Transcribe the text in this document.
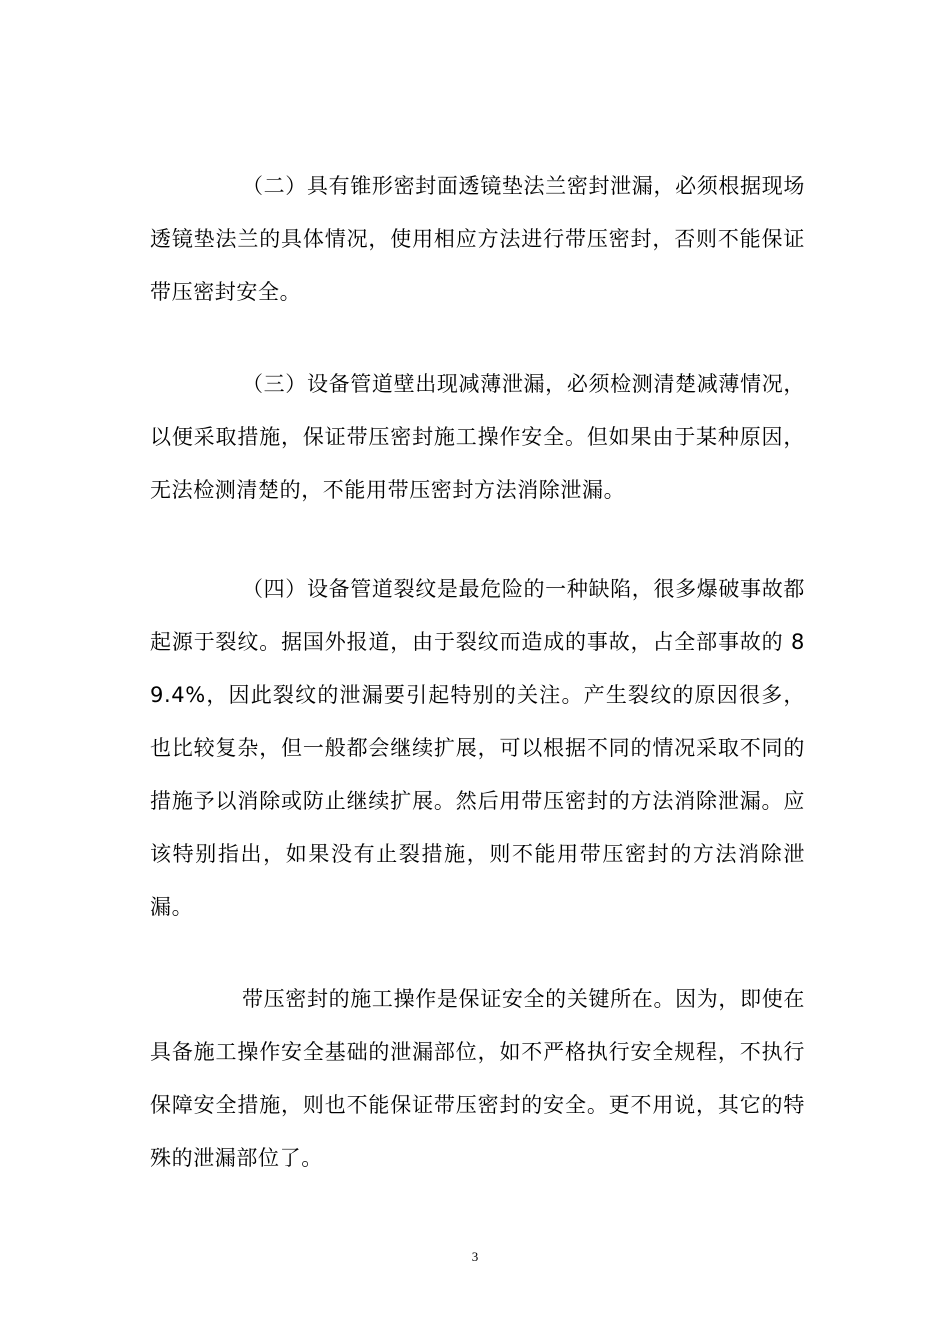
（二）具有锥形密封面透镜垫法兰密封泄漏，必须根据现场透镜垫法兰的具体情况，使用相应方法进行带压密封，否则不能保证带压密封安全。

（三）设备管道壁出现减薄泄漏，必须检测清楚减薄情况，以便采取措施，保证带压密封施工操作安全。但如果由于某种原因，无法检测清楚的，不能用带压密封方法消除泄漏。

（四）设备管道裂纹是最危险的一种缺陷，很多爆破事故都起源于裂纹。据国外报道，由于裂纹而造成的事故，占全部事故的 89.4%，因此裂纹的泄漏要引起特别的关注。产生裂纹的原因很多，也比较复杂，但一般都会继续扩展，可以根据不同的情况采取不同的措施予以消除或防止继续扩展。然后用带压密封的方法消除泄漏。应该特别指出，如果没有止裂措施，则不能用带压密封的方法消除泄漏。

带压密封的施工操作是保证安全的关键所在。因为，即使在具备施工操作安全基础的泄漏部位，如不严格执行安全规程，不执行保障安全措施，则也不能保证带压密封的安全。更不用说，其它的特殊的泄漏部位了。

3
